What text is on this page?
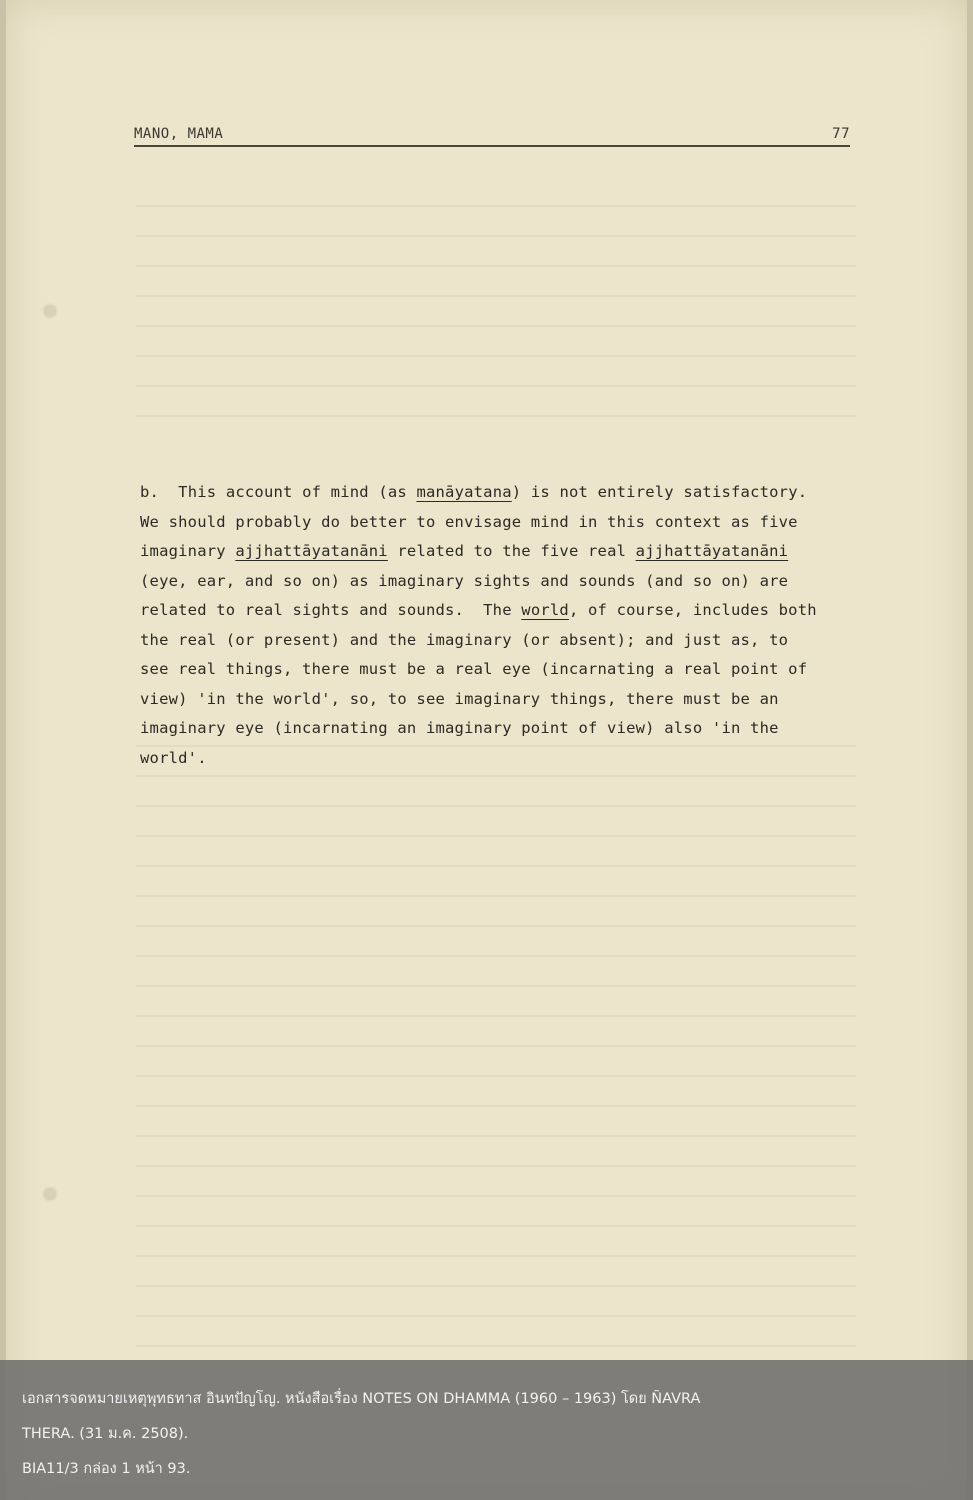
MANO, MAMA	77

b. This account of mind (as manāyatana) is not entirely satisfactory.

We should probably do better to envisage mind in this context as five

imaginary ajjhattāyatanāni related to the five real ajjhattāyatanāni

(eye, ear, and so on) as imaginary sights and sounds (and so on) are

related to real sights and sounds.  The world, of course, includes both

the real (or present) and the imaginary (or absent); and just as, to

see real things, there must be a real eye (incarnating a real point of

view) 'in the world', so, to see imaginary things, there must be an

imaginary eye (incarnating an imaginary point of view) also 'in the

world'.

เอกสารจดหมายเหตุพุทธทาส อินทปัญโญ. หนังสือเรื่อง NOTES ON DHAMMA (1960 – 1963) โดย ÑAVRA
THERA. (31 ม.ค. 2508).
BIA11/3 กล่อง 1 หน้า 93.
